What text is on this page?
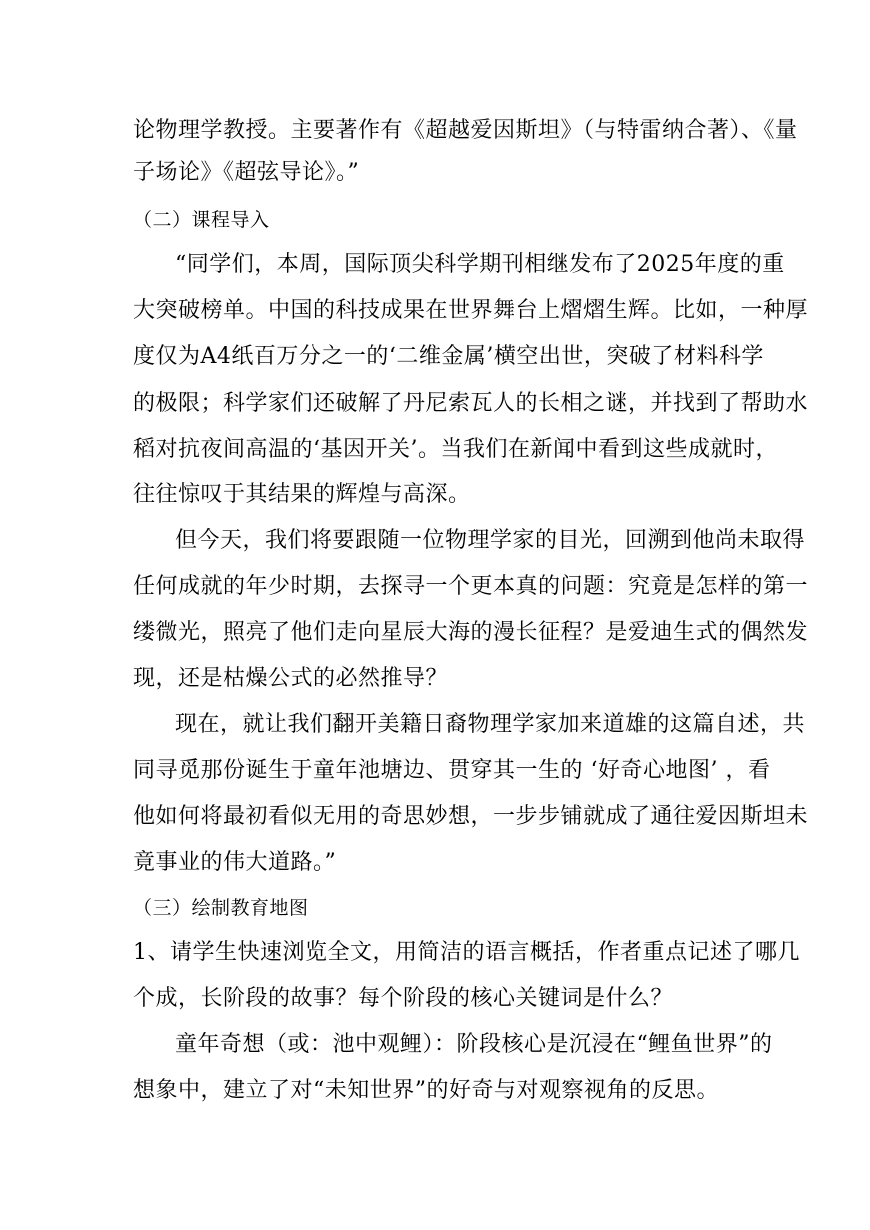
论物理学教授。主要著作有《超越爱因斯坦》（与特雷纳合著）、《量
子场论》《超弦导论》。”
（二）课程导入
“同学们，本周，国际顶尖科学期刊相继发布了2025年度的重
大突破榜单。中国的科技成果在世界舞台上熠熠生辉。比如，一种厚
度仅为A4纸百万分之一的‘二维金属’横空出世，突破了材料科学
的极限；科学家们还破解了丹尼索瓦人的长相之谜，并找到了帮助水
稻对抗夜间高温的‘基因开关’。当我们在新闻中看到这些成就时，
往往惊叹于其结果的辉煌与高深。
但今天，我们将要跟随一位物理学家的目光，回溯到他尚未取得
任何成就的年少时期，去探寻一个更本真的问题：究竟是怎样的第一
缕微光，照亮了他们走向星辰大海的漫长征程？是爱迪生式的偶然发
现，还是枯燥公式的必然推导？
现在，就让我们翻开美籍日裔物理学家加来道雄的这篇自述，共
同寻觅那份诞生于童年池塘边、贯穿其一生的 ‘好奇心地图’ ，看
他如何将最初看似无用的奇思妙想，一步步铺就成了通往爱因斯坦未
竟事业的伟大道路。”
（三）绘制教育地图
1、请学生快速浏览全文，用简洁的语言概括，作者重点记述了哪几
个成，长阶段的故事？每个阶段的核心关键词是什么？
童年奇想（或：池中观鲤）：阶段核心是沉浸在“鲤鱼世界”的
想象中，建立了对“未知世界”的好奇与对观察视角的反思。
